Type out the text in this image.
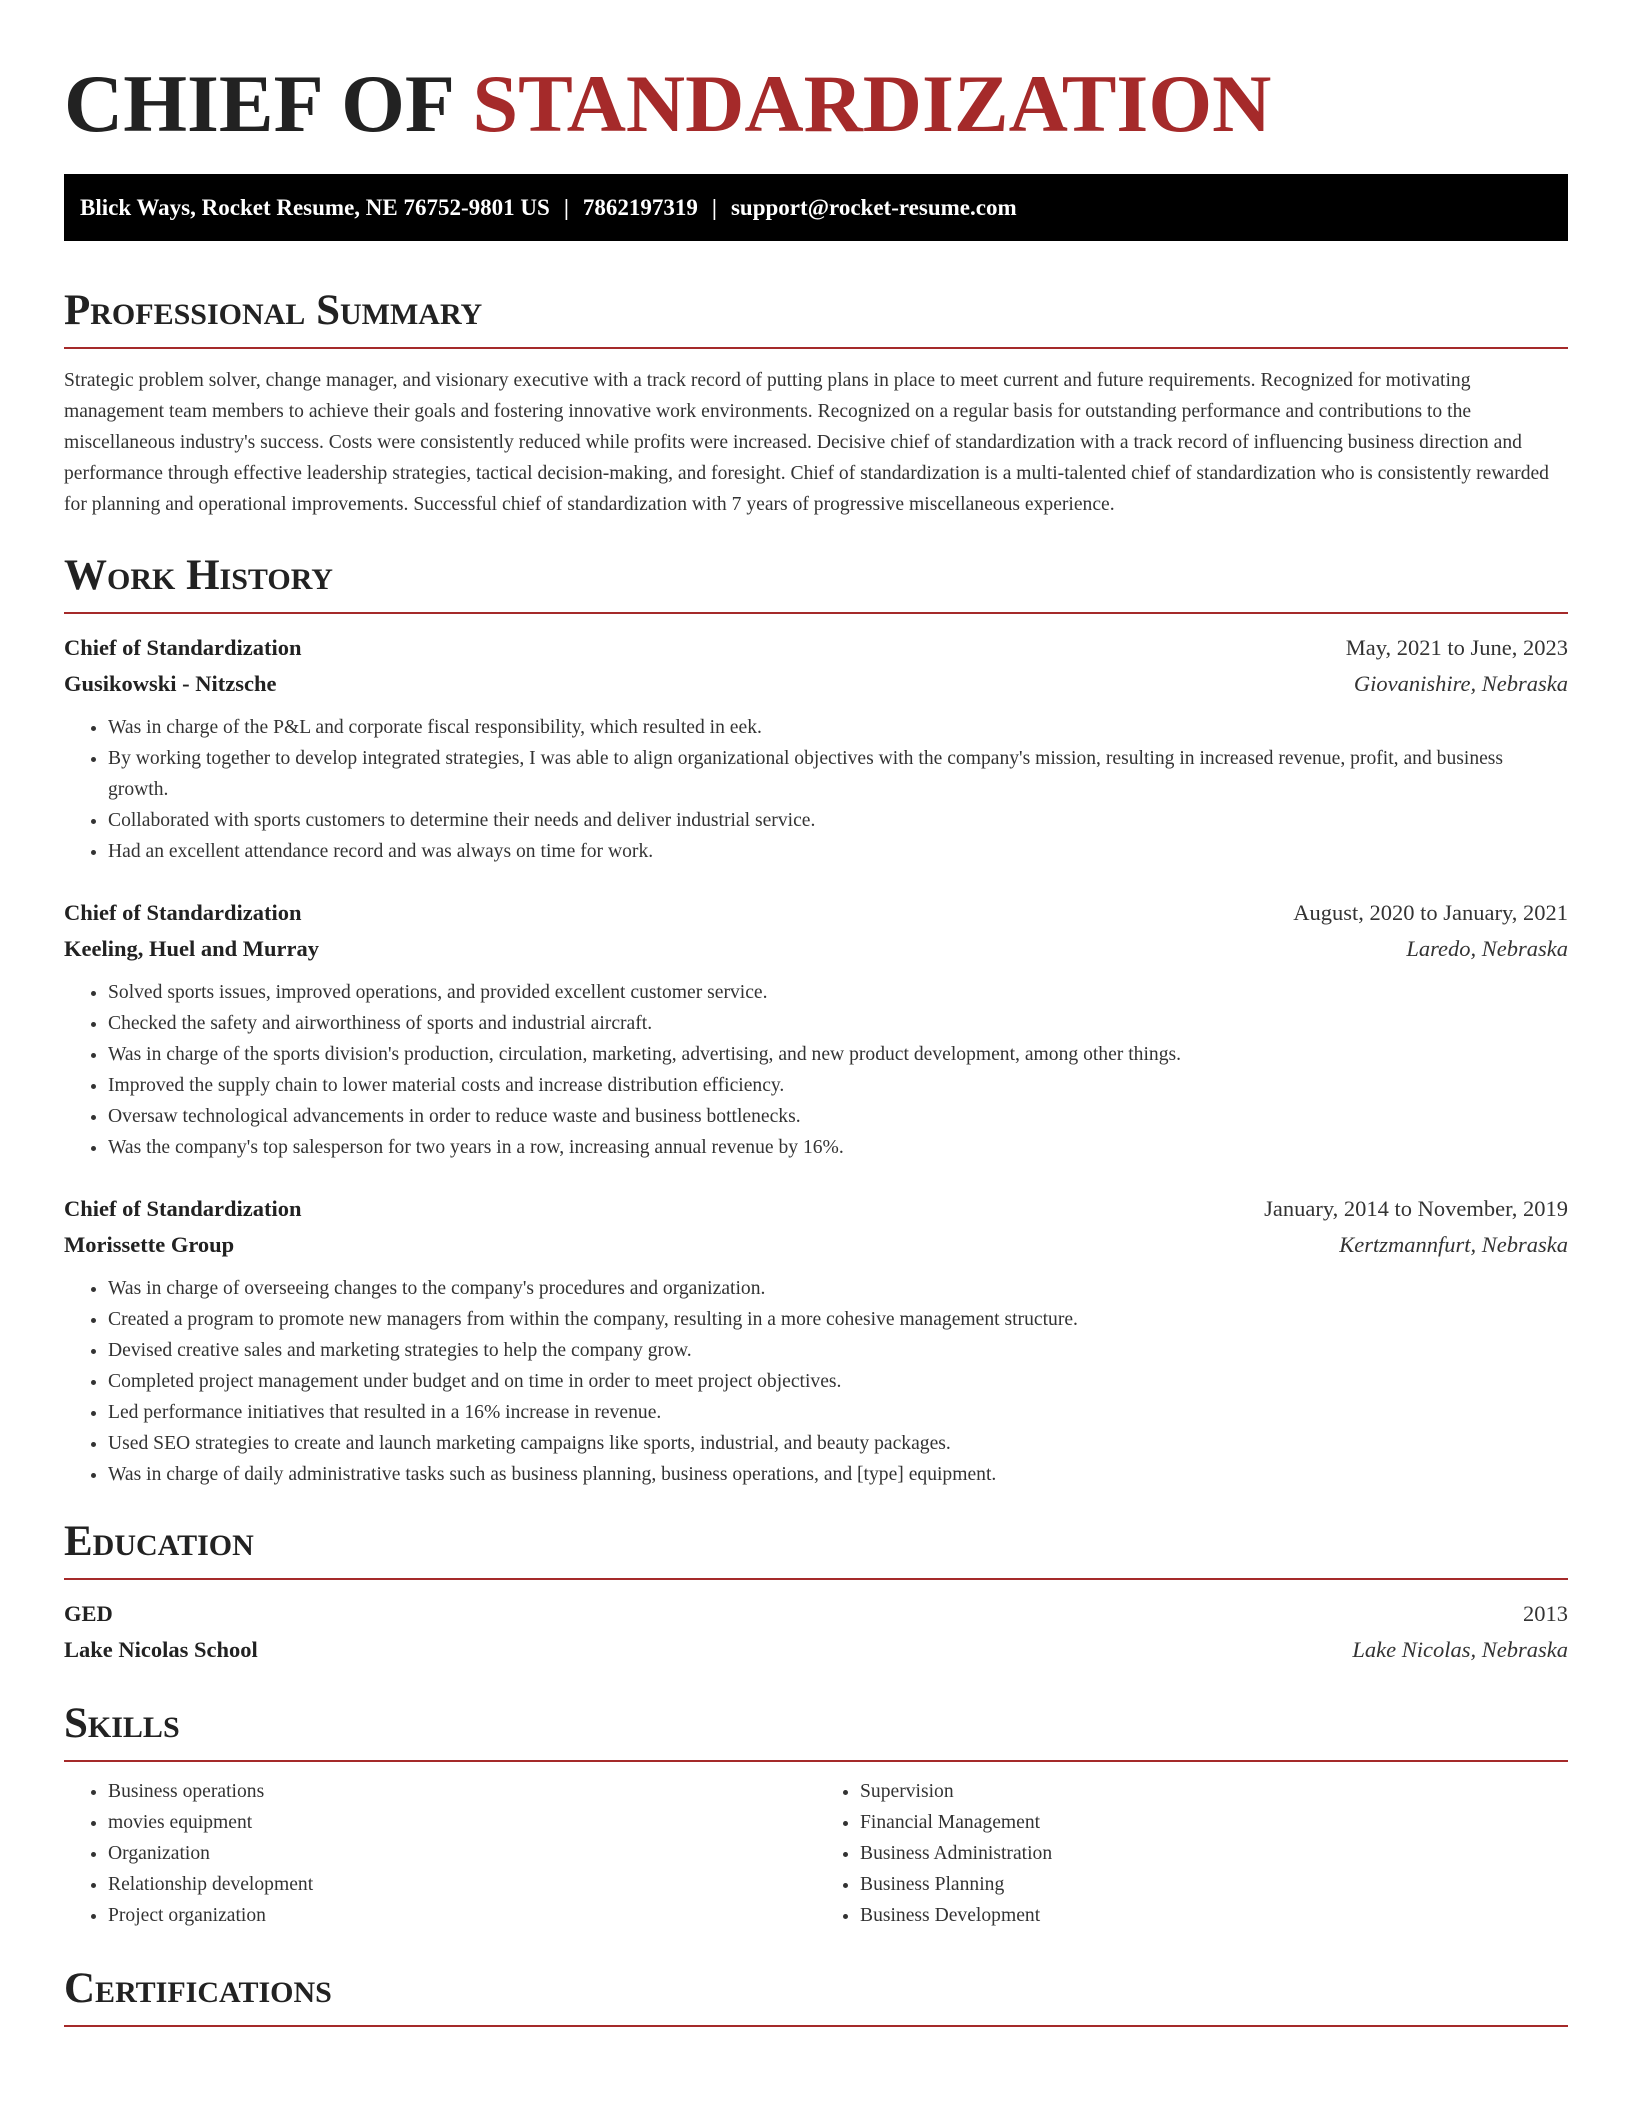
CHIEF OF STANDARDIZATION
Blick Ways, Rocket Resume, NE 76752-9801 US | 7862197319 | support@rocket-resume.com
Professional Summary

Strategic problem solver, change manager, and visionary executive with a track record of putting plans in place to meet current and future requirements. Recognized for motivating management team members to achieve their goals and fostering innovative work environments. Recognized on a regular basis for outstanding performance and contributions to the miscellaneous industry's success. Costs were consistently reduced while profits were increased. Decisive chief of standardization with a track record of influencing business direction and performance through effective leadership strategies, tactical decision-making, and foresight. Chief of standardization is a multi-talented chief of standardization who is consistently rewarded for planning and operational improvements. Successful chief of standardization with 7 years of progressive miscellaneous experience.

Work History
Chief of Standardization	May, 2021 to June, 2023
Gusikowski - Nitzsche	Giovanishire, Nebraska
• Was in charge of the P&L and corporate fiscal responsibility, which resulted in eek.
• By working together to develop integrated strategies, I was able to align organizational objectives with the company's mission, resulting in increased revenue, profit, and business growth.
• Collaborated with sports customers to determine their needs and deliver industrial service.
• Had an excellent attendance record and was always on time for work.
Chief of Standardization	August, 2020 to January, 2021
Keeling, Huel and Murray	Laredo, Nebraska
• Solved sports issues, improved operations, and provided excellent customer service.
• Checked the safety and airworthiness of sports and industrial aircraft.
• Was in charge of the sports division's production, circulation, marketing, advertising, and new product development, among other things.
• Improved the supply chain to lower material costs and increase distribution efficiency.
• Oversaw technological advancements in order to reduce waste and business bottlenecks.
• Was the company's top salesperson for two years in a row, increasing annual revenue by 16%.
Chief of Standardization	January, 2014 to November, 2019
Morissette Group	Kertzmannfurt, Nebraska
• Was in charge of overseeing changes to the company's procedures and organization.
• Created a program to promote new managers from within the company, resulting in a more cohesive management structure.
• Devised creative sales and marketing strategies to help the company grow.
• Completed project management under budget and on time in order to meet project objectives.
• Led performance initiatives that resulted in a 16% increase in revenue.
• Used SEO strategies to create and launch marketing campaigns like sports, industrial, and beauty packages.
• Was in charge of daily administrative tasks such as business planning, business operations, and [type] equipment.
Education
GED	2013
Lake Nicolas School	Lake Nicolas, Nebraska
Skills
• Business operations
• movies equipment
• Organization
• Relationship development
• Project organization
• Supervision
• Financial Management
• Business Administration
• Business Planning
• Business Development
Certifications
